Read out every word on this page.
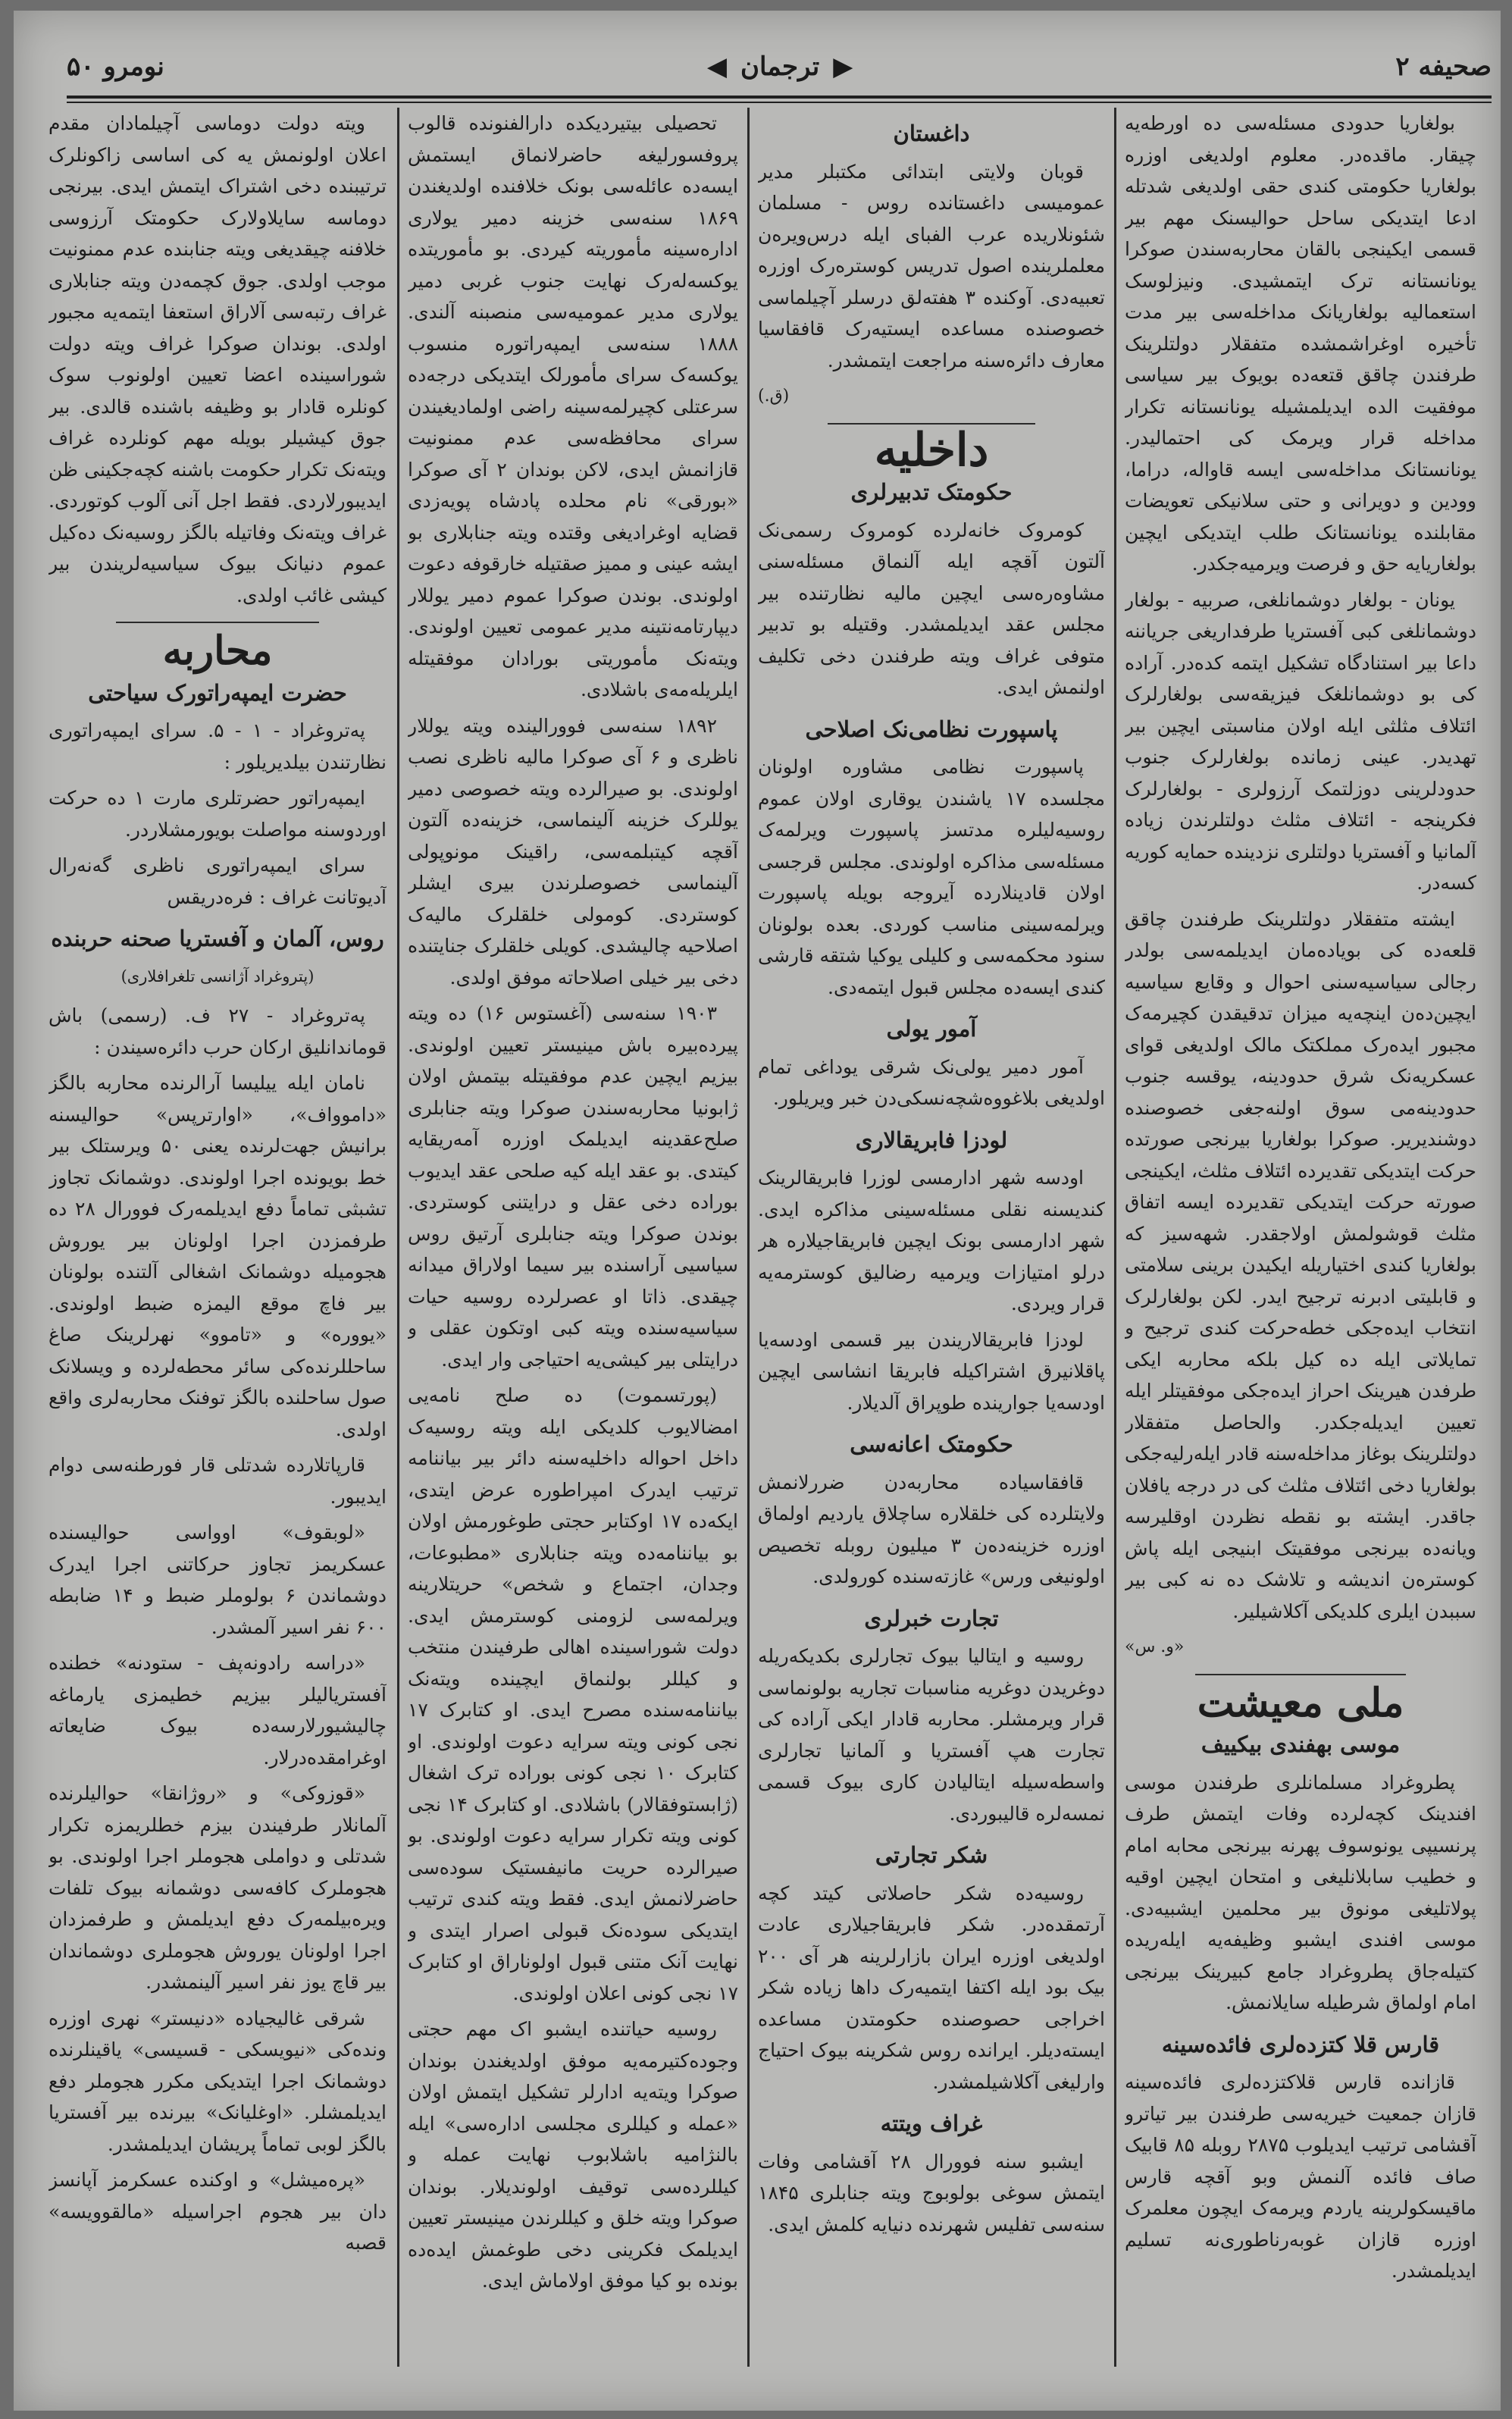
صحیفه ۲
▶
ترجمان
◀
نومرو ۵۰

بولغاریا حدودی مسئله‌سی ده اورطه‌یه چیقار. ماقده‌در. معلوم اولدیغی اوزره بولغاریا حکومتی کندی حقی اولدیغی شدتله ادعا ایتدیکی ساحل حوالیسنک مهم بیر قسمی ایکینجی بالقان محاربه‌سندن صوکرا یونانستانه ترک ایتمشیدی. ونیزلوسک استعمالیه بولغاریانک مداخله‌سی بیر مدت تأخیره اوغراشمشده متفقلار دولتلرینک طرفندن چاقق قتعه‌ده بویوک بیر سیاسی موفقیت الده ایدیلمشیله یونانستانه تکرار مداخله قرار ویرمک کی احتمالیدر. یونانستانک مداخله‌سی ایسه قاواله، دراما، وودین و دویرانی و حتی سلانیکی تعویضات مقابلنده یونانستانک طلب ایتدیکی ایچین بولغاریایه حق و فرصت ویرمیه‌جکدر.

یونان - بولغار دوشمانلغی، صربیه - بولغار دوشمانلغی کبی آفستریا طرفداریغی جریاننه داعا بیر استناد‌گاه تشکیل ایتمه کده‌در. آراده کی بو دوشمانلغک فیزیقه‌سی بولغارلرک ائتلاف مثلثی ایله اولان مناسبتی ایچین بیر تهدیدر. عینی زمانده بولغارلرک جنوب حدودلرینی دوزلتمک آرزولری - بولغارلرک فکرینجه - ائتلاف مثلث دولتلرندن زیاده آلمانیا و آفستریا دولتلری نزدینده حمایه کوریه کسه‌در.

ایشته متفقلار دولتلرینک طرفندن چاقق قلعه‌ده کی بویاده‌مان ایدیلمه‌سی بولدر رجالی سیاسیه‌سنی احوال و وقایع سیاسیه ایچین‌ده‌ن اینچه‌یه میزان تدقیقدن کچیرمه‌ک مجبور ایده‌رک مملکتک مالک اولدیغی قوای عسکریه‌نک شرق حدودینه، یوقسه جنوب حدودینه‌می سوق اولنه‌جغی خصوصنده دوشندیریر. صوکرا بولغاریا بیرنجی صورتده حرکت ایتدیکی تقدیرده ائتلاف مثلث، ایکینجی صورته حرکت ایتدیکی تقدیرده ایسه اتفاق مثلث قوشولمش اولاجقدر. شهه‌سیز که بولغاریا کندی اختیاریله ایکیدن برینی سلامتی و قابلیتی ادبرنه ترجیح ایدر. لکن بولغارلرک انتخاب ایده‌جکی خطه‌حرکت کندی ترجیح و تمایلاتی ایله ده کیل بلکه محاربه ایکی طرفدن هیرینک احراز ایده‌جکی موفقیتلر ایله تعیین ایدیله‌جکدر. والحاصل متفقلار دولتلرینک بوغاز مداخله‌سنه قادر ایله‌رلیه‌جکی بولغاریا دخی ائتلاف مثلث کی در درجه یافلان جاقدر. ایشته بو نقطه نظردن اوقلیرسه ویانه‌ده بیرنجی موفقیتک ابنیجی ایله پاش کوستره‌ن اندیشه و تلاشک ده نه کبی بیر سببدن ایلری کلدیکی آکلاشیلیر.

«و. س»
ملی معیشت
موسی بهفندی بیکییف

پطروغراد مسلمانلری طرفندن موسی افندینک کچه‌لرده وفات ایتمش طرف پرنسیپی یونوسوف پهرنه بیرنجی محابه امام و خطیب سابلانلیغی و امتحان ایچین اوقیه پولاتلیغی مونوق بیر محلمین ایشبیه‌دی. موسی افندی ایشبو وظیفه‌یه ایله‌ریده کتیله‌جاق پطروغراد جامع کبیرینک بیرنجی امام اولماق شرطیله سایلانمش.

قارس قلا کتزده‌لری فائده‌سینه

قازانده قارس قلاکتزده‌لری فائده‌سینه قازان جمعیت خیریه‌سی طرفندن بیر تیاترو آقشامی ترتیب ایدیلوب ۲۸۷۵ روبله ۸۵ قابیک صاف فائده آلنمش وبو آقچه قارس ماقیسکولرینه یاردم ویرمه‌ک ایچون معلمرک اوزره قازان غوبه‌رناطوری‌نه تسلیم ایدیلمشدر.

داغستان

قوبان ولایتی ابتدائی مکتبلر مدیر عمومیسی داغستانده روس - مسلمان شئونلاریده عرب الفبای ایله درس‌ویره‌ن معلملرینده اصول تدریس کوستره‌رک اوزره تعبیه‌دی. آوکنده ۳ هفته‌لق درسلر آچیلماسی خصوصنده مساعده ایستیه‌رک قافقاسیا معارف دائره‌سنه مراجعت ایتمشدر.

(ق.)
داخلیه
حکومتک تدبیرلری

کومروک خانه‌لرده کومروک رسمی‌نک آلتون آقچه ایله آلنماق مسئله‌سنی مشاوه‌ره‌سی ایچین مالیه نظارتنده بیر مجلس عقد ایدیلمشدر. وقتیله بو تدبیر متوفی غراف ویته طرفندن دخی تکلیف اولنمش ایدی.

پاسپورت نظامی‌نک اصلاحی

پاسپورت نظامی مشاوره اولونان مجلسده ۱۷ یاشندن یوقاری اولان عموم روسیه‌لیلره مدتسز پاسپورت ویرلمه‌ک مسئله‌سی مذاکره اولوندی. مجلس قرجسی اولان قادینلار‌ده آیروجه بویله پاسپورت ویرلمه‌سینی مناسب کوردی. بعده بولونان سنود محکمه‌سی و کلیلی یوکیا شتقه قارشی کندی ایسه‌ده مجلس قبول ایتمه‌دی.

آمور یولی

آمور دمیر یولی‌نک شرقی یوداغی تمام اولدیغی بلاغووه‌شچه‌نسکی‌دن خبر ویریلور.

لودزا فابریقالاری

اودسه شهر ادارمسی لوزرا فابریقالرینک کندیسنه نقلی مسئله‌سینی مذاکره ایدی. شهر ادارمسی بونک ایچین فابریقاجیلاره هر درلو امتیازات ویرمیه رضالیق کوسترمه‌یه قرار ویردی.

لودزا فابریقالاریندن بیر قسمی اودسه‌یا پاقلانیرق اشترا‌کیله فابریقا انشاسی ایچین اودسه‌یا جوارینده طوپراق آلدیلار.

حکومتک اعانه‌سی

قافقاسیاده محاربه‌دن ضررلانمش ولایتلرده کی خلقلاره ساچلاق یاردیم اولماق اوزره خزینه‌ده‌ن ۳ میلیون روبله تخصیص اولونیغی ورس» غازته‌سنده کورولدی.

تجارت خبرلری

روسیه و ایتالیا بیوک تجارلری بکدیکه‌ریله دوغریدن دوغریه مناسبات تجاریه بولونماسی قرار ویرمشلر. محاربه قادار ایکی آراده کی تجارت هپ آفستریا و آلمانیا تجارلری واسطه‌سیله ایتالیادن کاری بیوک قسمی نمسه‌لره قالیبوردی.

شکر تجارتی

روسیه‌ده شکر حاصلاتی کیتد کچه آرتمقده‌در. شکر فابریقاجیلاری عادت اولدیغی اوزره ایران بازارلرینه هر آی ۲۰۰ بیک بود ایله اکتفا ایتمیه‌رک داها زیاده شکر اخراجی حصوصنده حکومتدن مساعده ایسته‌دیلر. ایرانده روس شکرینه بیوک احتیاج وارلیغی آکلاشیلمشدر.

غراف ویتته

ایشبو سنه فوورال ۲۸ آقشامی وفات ایتمش سوغی بولوبوج ویته جنابلری ۱۸۴۵ سنه‌سی تفلیس شهرنده دنیایه کلمش ایدی.

تحصیلی بیتیردیکده دارالفنونده قالوب پروفسورلیغه حاضرلانماق ایستمش ایسه‌ده عائله‌سی بونک خلافنده اولدیغندن ۱۸۶۹ سنه‌سی خزینه دمیر یولاری اداره‌سینه مأموریته کیردی. بو مأموریتده یوکسه‌له‌رک نهایت جنوب غربی دمیر یولاری مدیر عمومیه‌سی منصبنه آلندی. ۱۸۸۸ سنه‌سی ایمپه‌راتوره منسوب یوکسه‌ک سرای مأمورلک ایتدیکی درجه‌ده سرعتلی کچیرلمه‌سینه راضی اولمادیغیندن سرای محافظه‌سی عدم ممنونیت قازانمش ایدی، لاکن بوندان ۲ آی صوکرا «بورقی» نام محلده پادشاه پویه‌زدی قضایه اوغرادیغی وقتده ویته جنابلاری بو ایشه عینی و ممیز صقتیله خارقوفه دعوت اولوندی. بوندن صوکرا عموم دمیر یوللار دیپارتامه‌نتینه مدیر عمومی تعیین اولوندی. ویته‌نک مأموریتی بورادان موفقیتله ایلریله‌مه‌ی باشلادی.

۱۸۹۲ سنه‌سی فوورالینده ویته یوللار ناظری و ۶ آی صوکرا مالیه ناظری نصب اولوندی. بو صیرالرده ویته خصوصی دمیر یوللرک خزینه آلینماسی، خزینه‌ده آلتون آقچه کیتبلمه‌سی، راقینک مونوپولی آلینماسی خصوصلرندن بیری ایشلر کوستردی. کومولی خلقلرک مالیه‌ک اصلاحیه چالیشدی. کویلی خلقلرک جنایتنده دخی بیر خیلی اصلاحاته موفق اولدی.

۱۹۰۳ سنه‌سی (آغستوس ۱۶) ده ویته پیرده‌بیره باش مینیستر تعیین اولوندی. بیزیم ایچین عدم موفقیتله بیتمش اولان ژابونیا محاربه‌سندن صوکرا ویته جنابلری صلح‌عقدینه ایدیلمک اوزره آمه‌ریقایه کیتدی. بو عقد ایله کیه صلحی عقد ایدیوب بوراده دخی عقل و درایتنی کوستردی. بوندن صوکرا ویته جنابلری آرتیق روس سیاسیی آراسنده بیر سیما اولاراق میدانه چیقدی. ذاتا او عصرلرده روسیه حیات سیاسیه‌سنده ویته کبی اوتکون عقلی و درایتلی بیر کیشی‌یه احتیاجی وار ایدی.

(پورتسموت) ده صلح نامه‌یی امضالایوب کلدیکی ایله ویته روسیه‌ک داخل احواله داخلیه‌سنه دائر بیر بیاننامه ترتیب ایدرک امپراطوره عرض ایتدی، ایکه‌ده ۱۷ اوکتابر حجتی طوغورمش اولان بو بیاننامه‌ده ویته جنابلاری «مطبوعات، وجدان، اجتماع و شخص» حریتلارینه ویرلمه‌سی لزومنی کوسترمش ایدی. دولت شوراسینده اهالی طرفیندن منتخب و کیللر بولنماق ایچینده ویته‌نک بیاننامه‌سنده مصرح ایدی. او کتابرک ۱۷ نجی کونی ویته سرایه دعوت اولوندی. او کتابرک ۱۰ نجی کونی بوراده ترک اشغال (ژابستوفقالار) باشلادی. او کتابرک ۱۴ نجی کونی ویته تکرار سرایه دعوت اولوندی. بو صیرالرده حریت مانیفستیک سوده‌سی حاضرلانمش ایدی. فقط ویته کندی ترتیب ایتدیکی سوده‌نک قبولی اصرار ایتدی و نهایت آنک متنی قبول اولوناراق او کتابرک ۱۷ نجی کونی اعلان اولوندی.

روسیه حیاتنده ایشبو اک مهم حجتی وجوده‌کتیرمه‌یه موفق اولدیغندن بوندان صوکرا ویته‌یه ادارلر تشکیل ایتمش اولان «عمله و کیللری مجلسی اداره‌سی» ایله بالنژامیه باشلابوب نهایت عمله و کیللرده‌سی توقیف اولوندیلار. بوندان صوکرا ویته خلق و کیللرندن مینیستر تعیین ایدیلمک فکرینی دخی طوغمش ایده‌ده بونده بو کیا موفق اولاماش ایدی.

ویته دولت دوماسی آچیلمادان مقدم اعلان اولونمش یه کی اساسی زاکونلرک ترتیبنده دخی اشتراک ایتمش ایدی. بیرنجی دوماسه سایلاولارک حکومتک آرزوسی خلافنه چیقدیغی ویته جنابنده عدم ممنونیت موجب اولدی. جوق کچمه‌دن ویته جنابلاری غراف رتبه‌سی آلاراق استعفا ایتمه‌یه مجبور اولدی. بوندان صوکرا غراف ویته دولت شوراسینده اعضا تعیین اولونوب سوک کونلره قادار بو وظیفه باشنده قالدی. بیر جوق کیشیلر بویله مهم کونلرده غراف ویته‌نک تکرار حکومت باشنه کچه‌جکینی ظن ایدیبورلاردی. فقط اجل آنی آلوب کوتوردی. غراف ویته‌نک وفاتیله بالگز روسیه‌نک ده‌کیل عموم دنیانک بیوک سیاسیه‌لریندن بیر کیشی غائب اولدی.

محاربه
حضرت ایمپه‌راتورک سیاحتی

په‌تروغراد - ۱ - ۵. سرای ایمپه‌راتوری نظارتندن بیلدیریلور :

ایمپه‌راتور حضرتلری مارت ۱ ده حرکت اوردوسنه مواصلت بویورمشلاردر.

سرای ایمپه‌راتوری ناظری گه‌نه‌رال آدیوتانت غراف : فره‌دریقس

روس، آلمان و آفستریا صحنه حربنده
(پتروغراد آژانسی تلغرافلاری)

په‌تروغراد - ۲۷ ف. (رسمی) باش قوماندانلیق ارکان حرب دائره‌سیندن :

نامان ایله ییلیسا آرالرنده محاربه بالگز «داموواف»، «اوارترپس» حوالیسنه برانیش جهت‌لرنده یعنی ۵۰ ویرستلک بیر خط بویونده اجرا اولوندی. دوشمانک تجاوز تشبثی تماماً دفع ایدیلمه‌رک فوورال ۲۸ ده طرفمزدن اجرا اولونان بیر یوروش هجومیله دوشمانک اشغالی آلتنده بولونان بیر فاچ موقع الیمزه ضبط اولوندی. «یووره» و «تاموو» نهرلرینک صاغ ساحللرنده‌کی سائر محطه‌لرده و ویسلانک صول ساحلنده بالگز توفنک محاربه‌لری واقع اولدی.

قارپاتلارده شدتلی قار فورطنه‌سی دوام ایدیبور.

«لوبقوف» اوواسی حوالیسنده عسکریمز تجاوز حرکاتنی اجرا ایدرک دوشماندن ۶ بولوملر ضبط و ۱۴ ضابطه ۶۰۰ نفر اسیر آلمشدر.

«دراسه رادونه‌پف - ستودنه» خطنده آفستریالیلر بیزیم خطیمزی یارماغه چالیشیورلار‌سه‌ده بیوک ضایعاته اوغرامقده‌درلار.

«قوزوکی» و «روژانقا» حوالیلرنده آلمانلار طرفیندن بیزم خطلریمزه تکرار شدتلی و دواملی هجوملر اجرا اولوندی. بو هجوملرک کافه‌سی دوشمانه بیوک تلفات ویره‌بیلمه‌رک دفع ایدیلمش و طرفمزدان اجرا اولونان یوروش هجوملری دوشماندان بیر قاچ یوز نفر اسیر آلینمشدر.

شرقی غالیجیاده «دنیستر» نهری اوزره ونده‌کی «نیویسکی - قسیسی» یاقینلرنده دوشمانک اجرا ایتدیکی مکرر هجوملر دفع ایدیلمشلر. «اوغلیانک» بیرنده بیر آفستریا بالگز لوبی تماماً پریشان ایدیلمشدر.

«پره‌میشل» و اوکنده عسکرمز آپانسز دان بیر هجوم اجراسیله «مالقوویسه» قصبه
